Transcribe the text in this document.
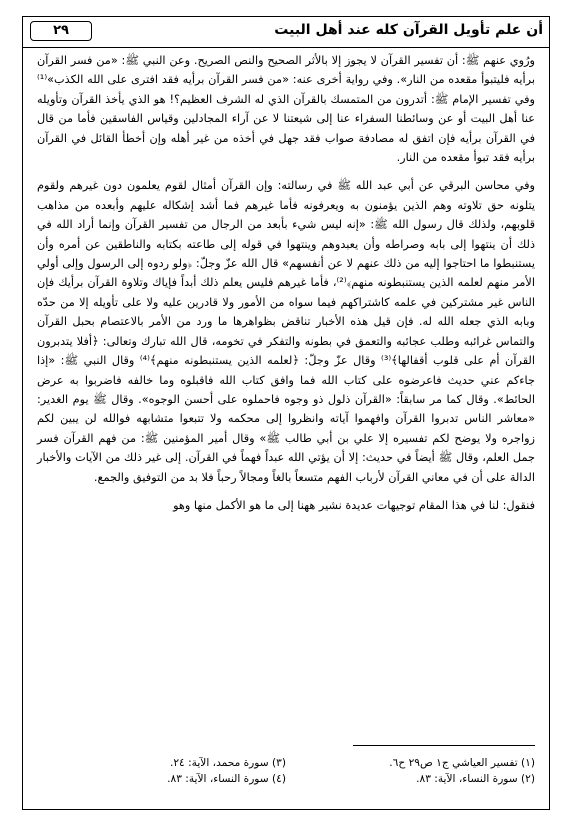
أن علم تأويل القرآن كله عند أهل البيت
٢٩

ورُوي عنهم ﷺ: أن تفسير القرآن لا يجوز إلا بالأثر الصحيح والنص الصريح. وعن النبي ﷺ: «من فسر القرآن برأيه فليتبوأ مقعده من النار». وفي رواية أخرى عنه: «من فسر القرآن برأيه فقد افترى على الله الكذب»⁽¹⁾ وفي تفسير الإمام ﷺ: أتدرون من المتمسك بالقرآن الذي له الشرف العظيم؟! هو الذي يأخذ القرآن وتأويله عنا أهل البيت أو عن وسائطنا السفراء عنا إلى شيعتنا لا عن آراء المجادلين وقياس الفاسقين فأما من قال في القرآن برأيه فإن اتفق له مصادفة صواب فقد جهل في أخذه من غير أهله وإن أخطأ القائل في القرآن برأيه فقد تبوأ مقعده من النار.

وفي محاسن البرقي عن أبي عبد الله ﷺ في رسالته: وإن القرآن أمثال لقوم يعلمون دون غيرهم ولقوم يتلونه حق تلاوته وهم الذين يؤمنون به ويعرفونه فأما غيرهم فما أشد إشكاله عليهم وأبعده من مذاهب قلوبهم، ولذلك قال رسول الله ﷺ: «إنه ليس شيء بأبعد من الرجال من تفسير القرآن وإنما أراد الله في ذلك أن ينتهوا إلى بابه وصراطه وأن يعبدوهم وينتهوا في قوله إلى طاعته بكتابه والناطقين عن أمره وأن يستنبطوا ما احتاجوا إليه من ذلك عنهم لا عن أنفسهم» قال الله عزّ وجلّ: ﴿ولو ردوه إلى الرسول وإلى أولي الأمر منهم لعلمه الذين يستنبطونه منهم﴾⁽²⁾، فأما غيرهم فليس يعلم ذلك أبداً فإياك وتلاوة القرآن برأيك فإن الناس غير مشتركين في علمه كاشتراكهم فيما سواه من الأمور ولا قادرين عليه ولا على تأويله إلا من حدّه وبابه الذي جعله الله له. فإن قيل هذه الأخبار تناقض بظواهرها ما ورد من الأمر بالاعتصام بحبل القرآن والتماس غرائبه وطلب عجائبه والتعمق في بطونه والتفكر في تخومه، قال الله تبارك وتعالى: ﴿أفلا يتدبرون القرآن أم على قلوب أقفالها﴾⁽³⁾ وقال عزّ وجلّ: ﴿لعلمه الذين يستنبطونه منهم﴾⁽⁴⁾ وقال النبي ﷺ: «إذا جاءكم عني حديث فاعرضوه على كتاب الله فما وافق كتاب الله فاقبلوه وما خالفه فاضربوا به عرض الحائط». وقال كما مر سابقاً: «القرآن ذلول ذو وجوه فاحملوه على أحسن الوجوه». وقال ﷺ يوم الغدير: «معاشر الناس تدبروا القرآن وافهموا آياته وانظروا إلى محكمه ولا تتبعوا متشابهه فوالله لن يبين لكم زواجره ولا يوضح لكم تفسيره إلا علي بن أبي طالب ﷺ» وقال أمير المؤمنين ﷺ: من فهم القرآن فسر جمل العلم، وقال ﷺ أيضاً في حديث: إلا أن يؤتي الله عبداً فهماً في القرآن. إلى غير ذلك من الآيات والأخبار الدالة على أن في معاني القرآن لأرباب الفهم متسعاً بالغاً ومجالاً رحباً فلا بد من التوفيق والجمع.

فنقول: لنا في هذا المقام توجيهات عديدة نشير ههنا إلى ما هو الأكمل منها وهو

(١) تفسير العياشي ج١ ص٢٩ ح٦.
(٣) سورة محمد، الآية: ٢٤.
(٢) سورة النساء، الآية: ٨٣.
(٤) سورة النساء، الآية: ٨٣.
